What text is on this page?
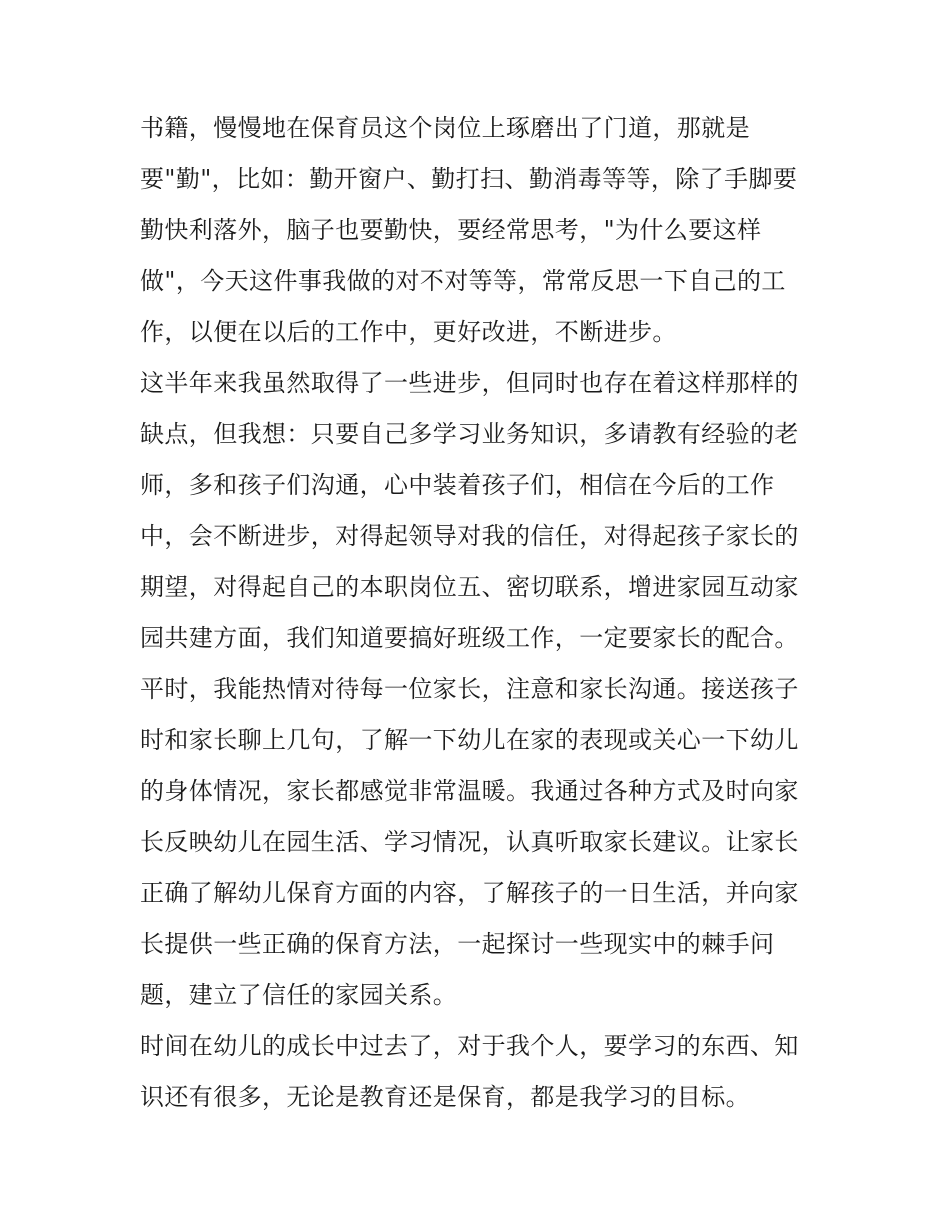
书籍，慢慢地在保育员这个岗位上琢磨出了门道，那就是
要"勤"，比如：勤开窗户、勤打扫、勤消毒等等，除了手脚要
勤快利落外，脑子也要勤快，要经常思考，"为什么要这样
做"，今天这件事我做的对不对等等，常常反思一下自己的工
作，以便在以后的工作中，更好改进，不断进步。
这半年来我虽然取得了一些进步，但同时也存在着这样那样的
缺点，但我想：只要自己多学习业务知识，多请教有经验的老
师，多和孩子们沟通，心中装着孩子们，相信在今后的工作
中，会不断进步，对得起领导对我的信任，对得起孩子家长的
期望，对得起自己的本职岗位五、密切联系，增进家园互动家
园共建方面，我们知道要搞好班级工作，一定要家长的配合。
平时，我能热情对待每一位家长，注意和家长沟通。接送孩子
时和家长聊上几句，了解一下幼儿在家的表现或关心一下幼儿
的身体情况，家长都感觉非常温暖。我通过各种方式及时向家
长反映幼儿在园生活、学习情况，认真听取家长建议。让家长
正确了解幼儿保育方面的内容，了解孩子的一日生活，并向家
长提供一些正确的保育方法，一起探讨一些现实中的棘手问
题，建立了信任的家园关系。
时间在幼儿的成长中过去了，对于我个人，要学习的东西、知
识还有很多，无论是教育还是保育，都是我学习的目标。
